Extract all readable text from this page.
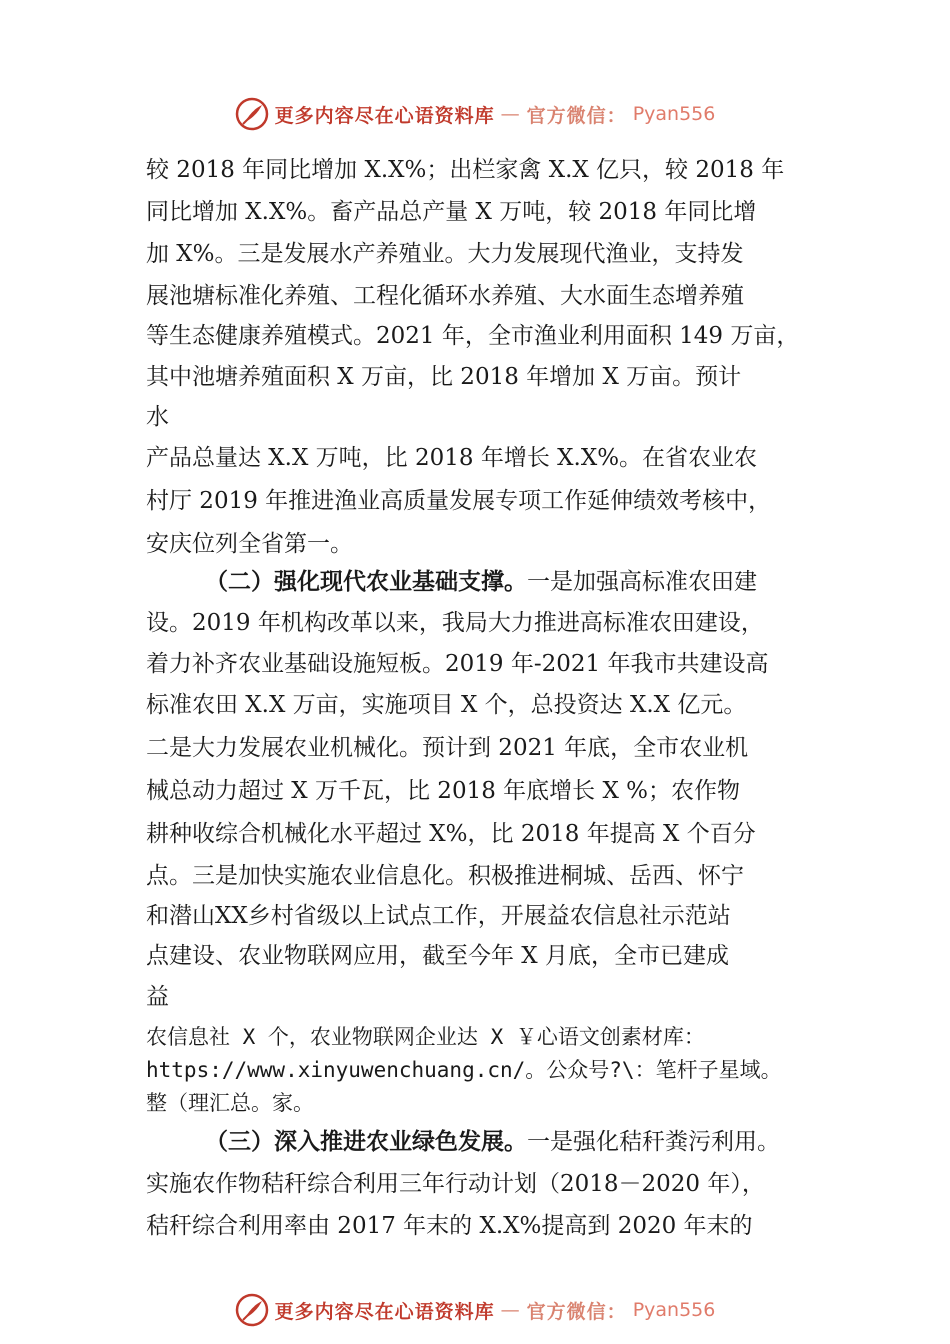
更多内容尽在心语资料库 — 官方微信： Pyan556
较 2018 年同比增加 X.X%；出栏家禽 X.X 亿只，较 2018 年
同比增加 X.X%。畜产品总产量 X 万吨，较 2018 年同比增
加 X%。三是发展水产养殖业。大力发展现代渔业，支持发
展池塘标准化养殖、工程化循环水养殖、大水面生态增养殖
等生态健康养殖模式。2021 年，全市渔业利用面积 149 万亩，
其中池塘养殖面积 X 万亩，比 2018 年增加 X 万亩。预计
水
产品总量达 X.X 万吨，比 2018 年增长 X.X%。在省农业农
村厅 2019 年推进渔业高质量发展专项工作延伸绩效考核中，
安庆位列全省第一。
（二）强化现代农业基础支撑。一是加强高标准农田建
设。2019 年机构改革以来，我局大力推进高标准农田建设，
着力补齐农业基础设施短板。2019 年-2021 年我市共建设高
标准农田 X.X 万亩，实施项目 X 个，总投资达 X.X 亿元。
二是大力发展农业机械化。预计到 2021 年底，全市农业机
械总动力超过 X 万千瓦，比 2018 年底增长 X %；农作物
耕种收综合机械化水平超过 X%，比 2018 年提高 X 个百分
点。三是加快实施农业信息化。积极推进桐城、岳西、怀宁
和潜山XX乡村省级以上试点工作，开展益农信息社示范站
点建设、农业物联网应用，截至今年 X 月底，全市已建成
益
农信息社 X 个，农业物联网企业达 X ￥心语文创素材库：
https://www.xinyuwenchuang.cn/。公众号?\：笔杆子星域。
整（理汇总。家。
（三）深入推进农业绿色发展。一是强化秸秆粪污利用。
实施农作物秸秆综合利用三年行动计划（2018－2020 年），
秸秆综合利用率由 2017 年末的 X.X%提高到 2020 年末的
更多内容尽在心语资料库 — 官方微信： Pyan556
